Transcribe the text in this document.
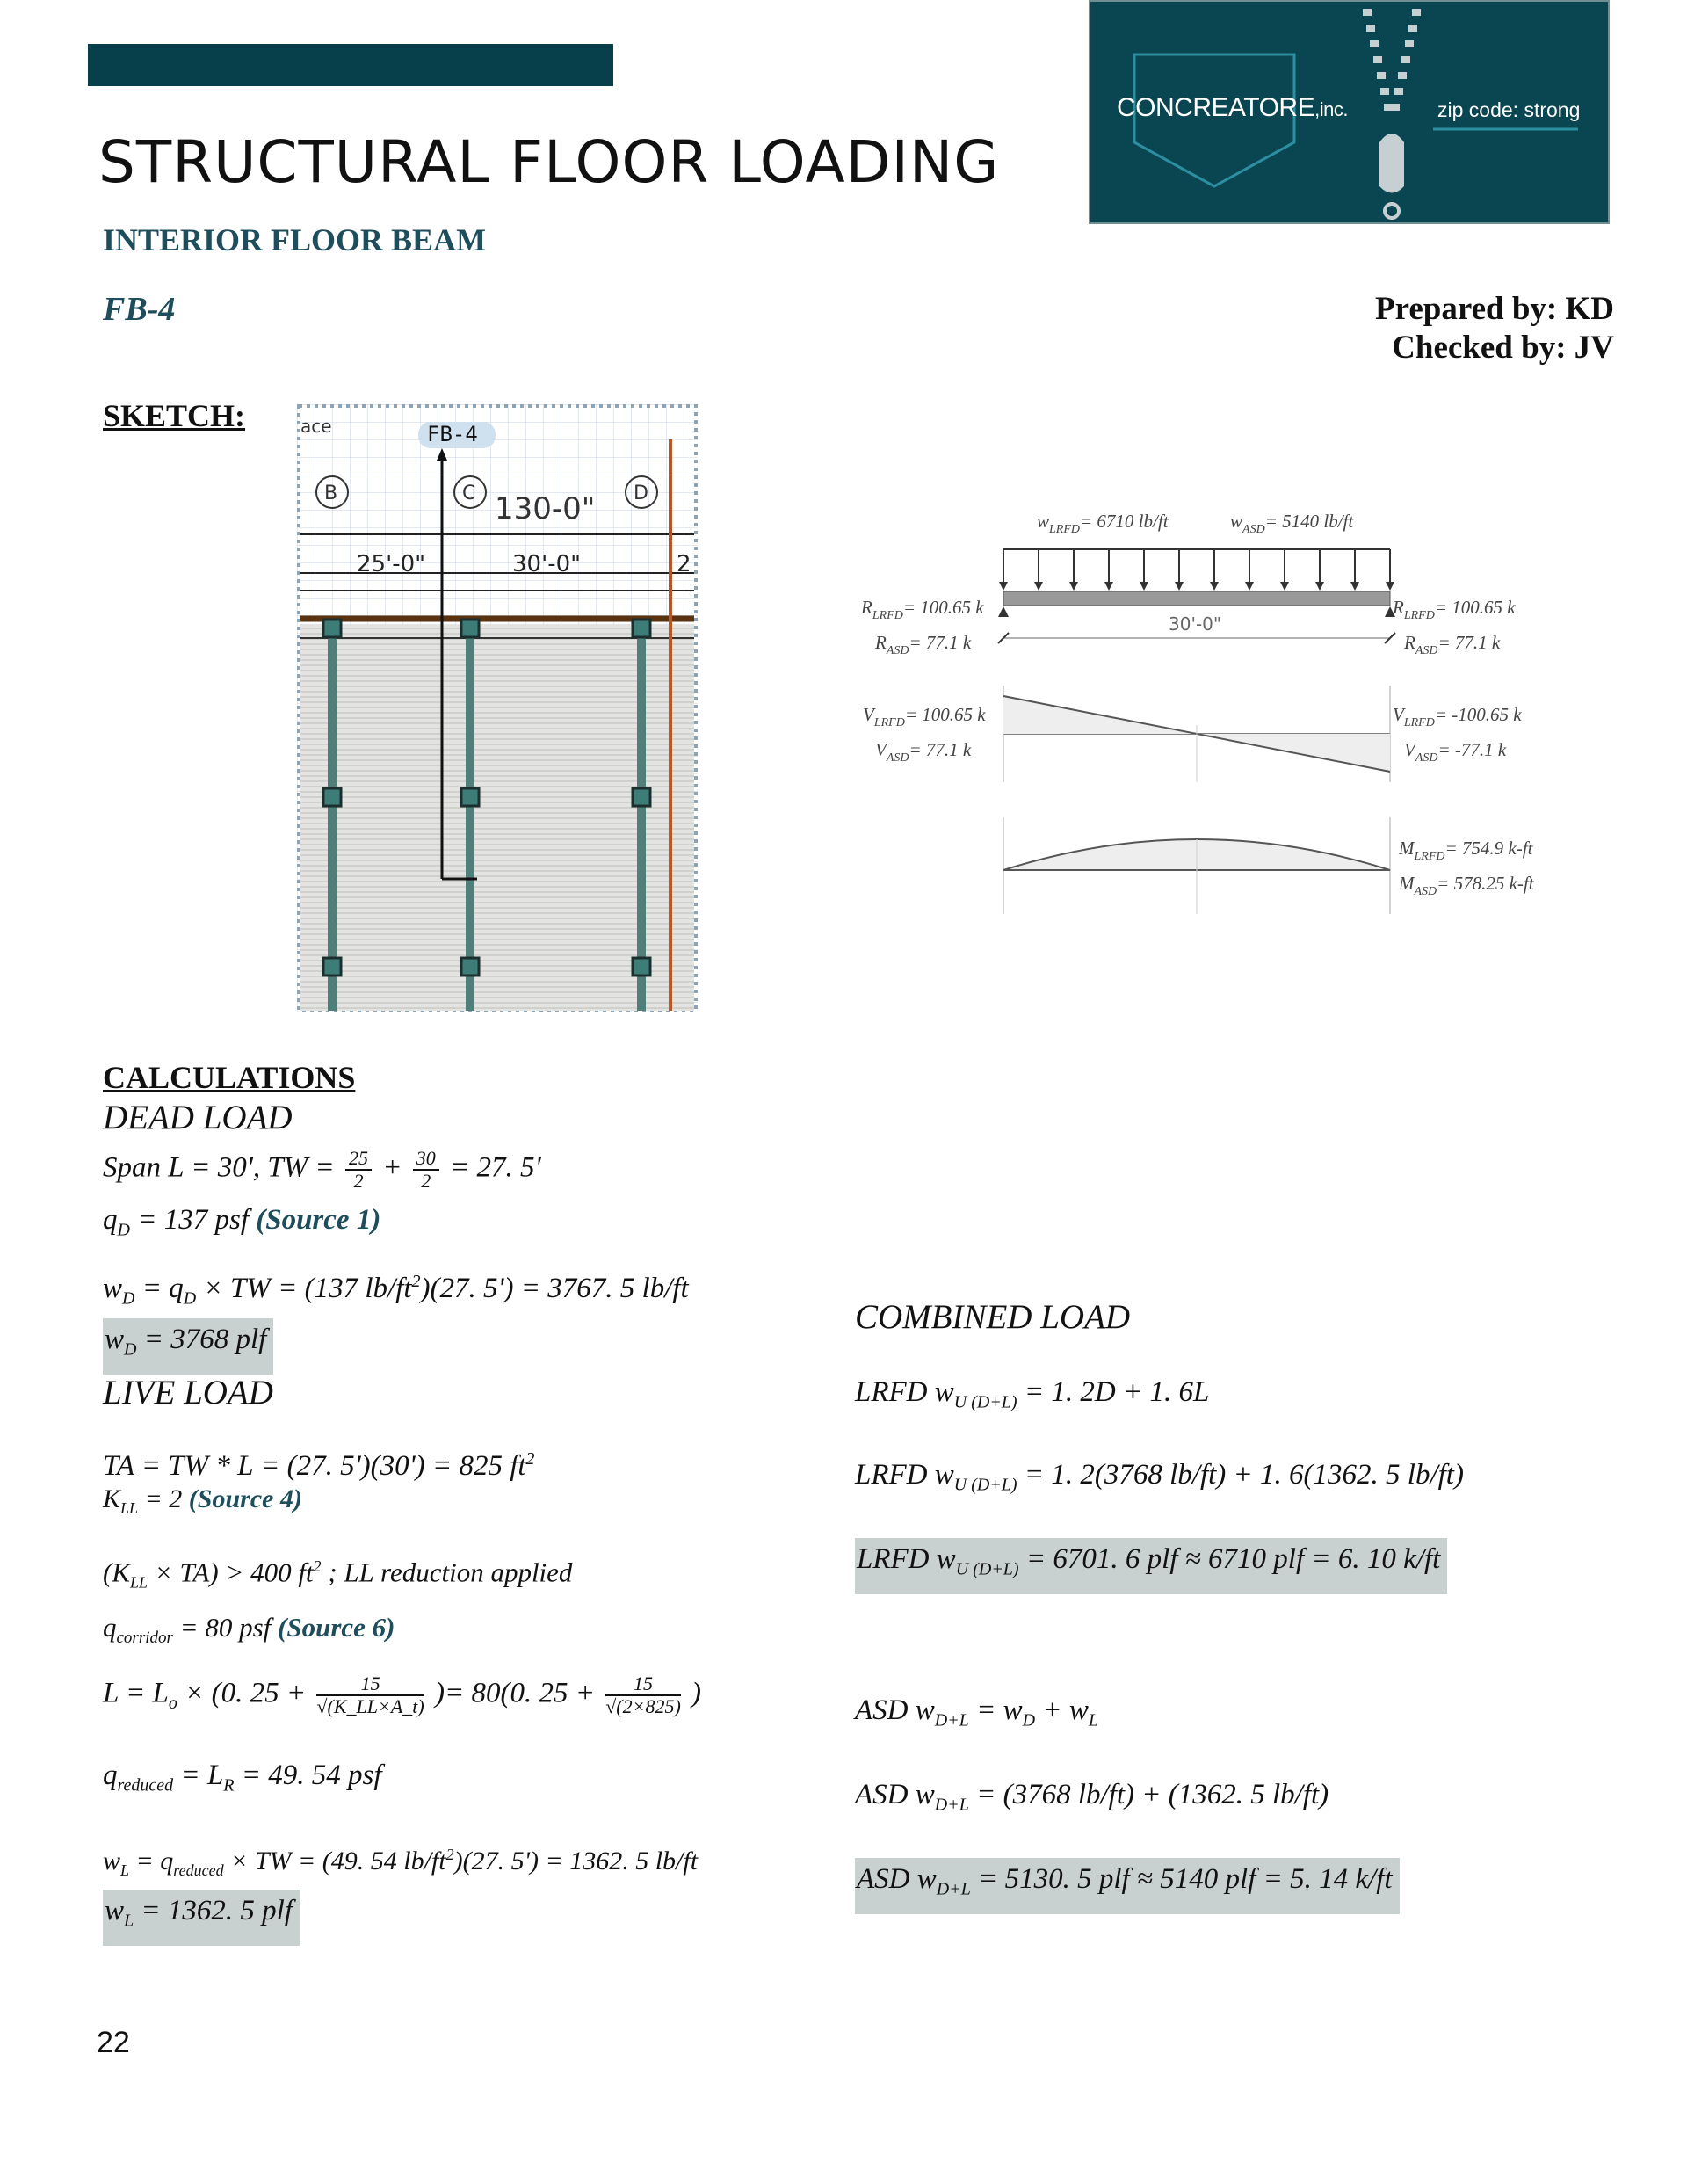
CONCREATORE,inc.	zip code: strong
STRUCTURAL FLOOR LOADING
INTERIOR FLOOR BEAM
FB-4	Prepared by: KD
Checked by: JV
SKETCH:	ace	FB-4
B	C	D
130-0"
25'-0"	30'-0"	2
30'-0"
$w_{LRFD}= 6710$ lb/ft	$w_{ASD}= 5140$ lb/ft
$R_{LRFD}= 100.65$ k
$R_{ASD}= 77.1$ k
$R_{LRFD}= 100.65$ k
$R_{ASD}= 77.1$ k
$V_{LRFD}= 100.65$ k
$V_{ASD}= 77.1$ k
$V_{LRFD}= -100.65$ k
$V_{ASD}= -77.1$ k
$M_{LRFD}= 754.9$ k-ft
$M_{ASD}= 578.25$ k-ft
CALCULATIONS
DEAD LOAD
Span L = 30', TW = $\frac{25}{2} + \frac{30}{2} = 27$. 5'
$q_D = 137$ psf (Source 1)
$w_D = q_D$ × TW = (137 $lb/ft^2)(27$. 5') = 3767. 5 lb/ft
$w_D = 3768$ plf
LIVE LOAD
TA = TW * L = (27. 5')(30') = 825 $ft^2$
$K_{LL} = 2$ (Source 4)
$(K_{LL} \times TA) > 400$ $ft^2$ ; LL reduction applied
$q_{corridor} = 80$ psf (Source 6)
$L = L_o \times (0$. $25 + \frac{15}{√(K\_LL\times A\_t)}$ )= 80(0. $25 + \frac{15}{√(2\times 825)}$ )
$q_{reduced} = L_R = 49$. 54 psf
$w_L = q_{reduced}$ × TW = (49. 54 $lb/ft^2)(27$. 5') = 1362. 5 lb/ft
$w_L = 1362$. 5 plf
COMBINED LOAD
LRFD $w_{U (D+L)} = 1$. 2D + 1. 6L
LRFD $w_{U (D+L)} = 1$. 2(3768 lb/ft) + 1. 6(1362. 5 lb/ft)
LRFD $w_{U (D+L)} = 6701$. 6 plf ≈ 6710 plf = 6. 10 k/ft
ASD $w_{D+L} = w_D + w_L$
ASD $w_{D+L} = (3768$ lb/ft) + (1362. 5 lb/ft)
ASD $w_{D+L} = 5130$. 5 plf ≈ 5140 plf = 5. 14 k/ft
22
